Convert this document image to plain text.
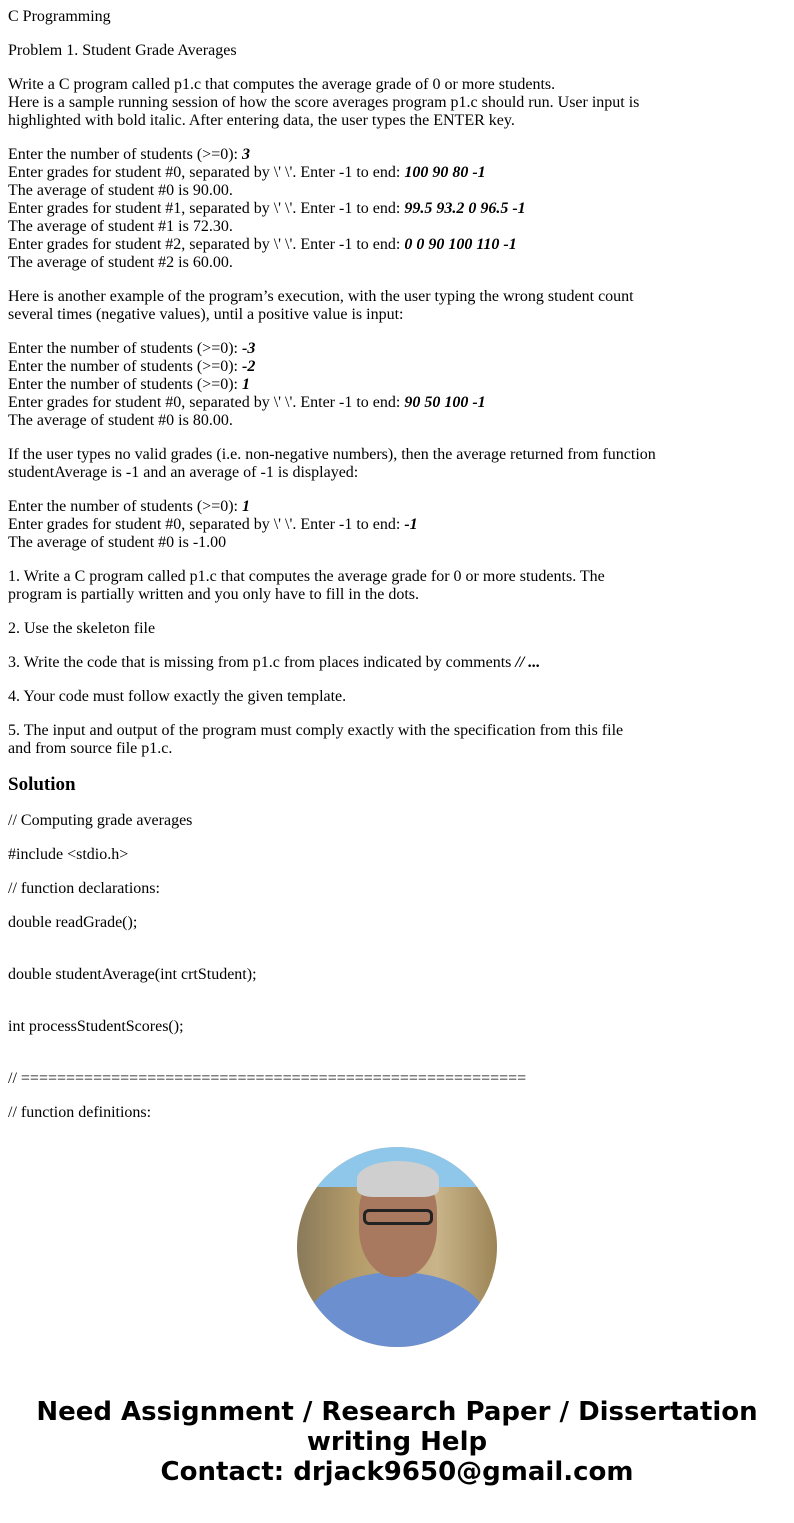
C Programming

Problem 1. Student Grade Averages

Write a C program called p1.c that computes the average grade of 0 or more students.
Here is a sample running session of how the score averages program p1.c should run. User input is
highlighted with bold italic. After entering data, the user types the ENTER key.

Enter the number of students (>=0): 3
Enter grades for student #0, separated by \' \'. Enter -1 to end: 100 90 80 -1
The average of student #0 is 90.00.
Enter grades for student #1, separated by \' \'. Enter -1 to end: 99.5 93.2 0 96.5 -1
The average of student #1 is 72.30.
Enter grades for student #2, separated by \' \'. Enter -1 to end: 0 0 90 100 110 -1
The average of student #2 is 60.00.

Here is another example of the program’s execution, with the user typing the wrong student count
several times (negative values), until a positive value is input:

Enter the number of students (>=0): -3
Enter the number of students (>=0): -2
Enter the number of students (>=0): 1
Enter grades for student #0, separated by \' \'. Enter -1 to end: 90 50 100 -1
The average of student #0 is 80.00.

If the user types no valid grades (i.e. non-negative numbers), then the average returned from function
studentAverage is -1 and an average of -1 is displayed:

Enter the number of students (>=0): 1
Enter grades for student #0, separated by \' \'. Enter -1 to end: -1
The average of student #0 is -1.00

1. Write a C program called p1.c that computes the average grade for 0 or more students. The
program is partially written and you only have to fill in the dots.

2. Use the skeleton file

3. Write the code that is missing from p1.c from places indicated by comments // ...

4. Your code must follow exactly the given template.

5. The input and output of the program must comply exactly with the specification from this file
and from source file p1.c.

Solution

// Computing grade averages

#include <stdio.h>

// function declarations:

double readGrade();

double studentAverage(int crtStudent);

int processStudentScores();

// ========================================================

// function definitions:

Need Assignment / Research Paper / Dissertation
writing Help
Contact: drjack9650@gmail.com
